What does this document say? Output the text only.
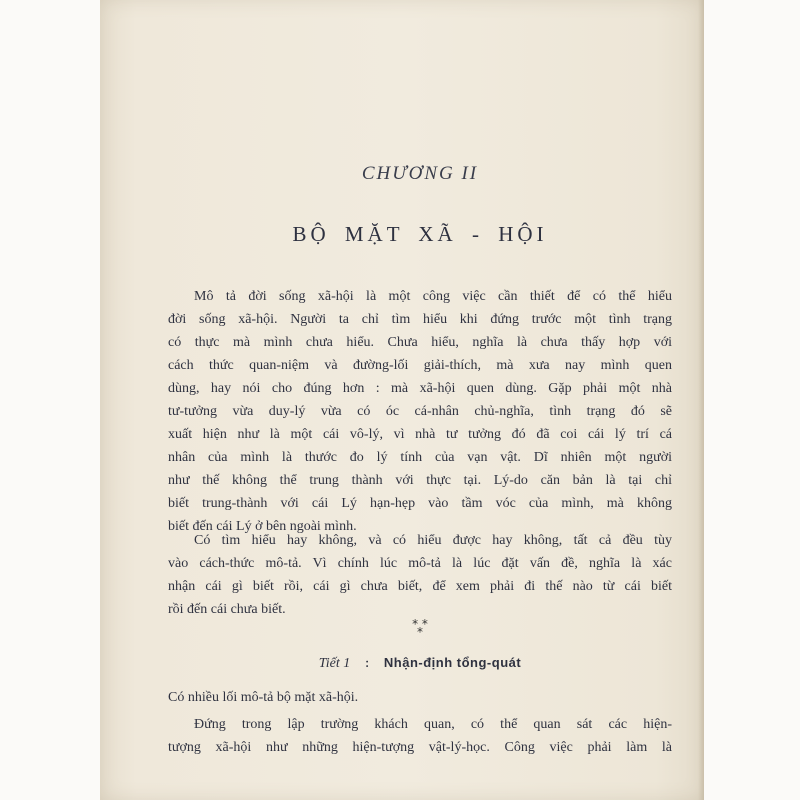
CHƯƠNG II
BỘ MẶT XÃ - HỘI
Mô tả đời sống xã-hội là một công việc cần thiết để có thể hiểu
đời sống xã-hội. Người ta chỉ tìm hiểu khi đứng trước một tình trạng
có thực mà mình chưa hiểu. Chưa hiểu, nghĩa là chưa thấy hợp với
cách thức quan-niệm và đường-lối giải-thích, mà xưa nay mình quen
dùng, hay nói cho đúng hơn : mà xã-hội quen dùng. Gặp phải một nhà
tư-tưởng vừa duy-lý vừa có óc cá-nhân chủ-nghĩa, tình trạng đó sẽ
xuất hiện như là một cái vô-lý, vì nhà tư tưởng đó đã coi cái lý trí cá
nhân của mình là thước đo lý tính của vạn vật. Dĩ nhiên một người
như thế không thể trung thành với thực tại. Lý-do căn bản là tại chỉ
biết trung-thành với cái Lý hạn-hẹp vào tầm vóc của mình, mà không
biết đến cái Lý ở bên ngoài mình.
Có tìm hiểu hay không, và có hiểu được hay không, tất cả đều tùy
vào cách-thức mô-tả. Vì chính lúc mô-tả là lúc đặt vấn đề, nghĩa là xác
nhận cái gì biết rồi, cái gì chưa biết, để xem phải đi thế nào từ cái biết
rồi đến cái chưa biết.
* *
*
Tiết 1 : Nhận-định tổng-quát
Có nhiều lối mô-tả bộ mặt xã-hội.
Đứng trong lập trường khách quan, có thể quan sát các hiện-
tượng xã-hội như những hiện-tượng vật-lý-học. Công việc phải làm là
